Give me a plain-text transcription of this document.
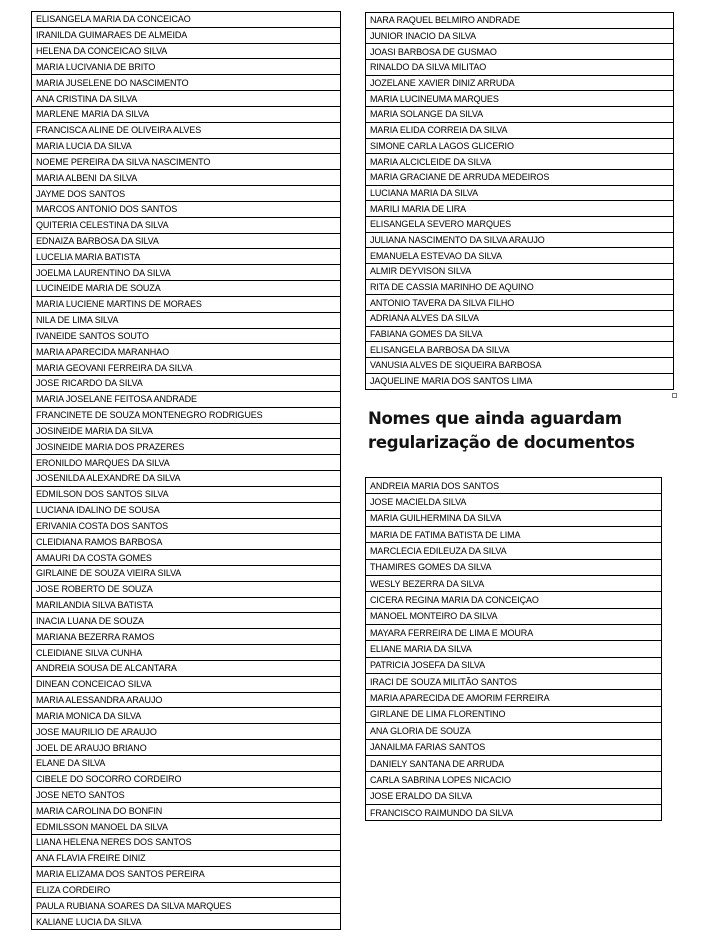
ELISANGELA MARIA DA CONCEICAO
IRANILDA GUIMARAES DE ALMEIDA
HELENA DA CONCEICAO SILVA
MARIA LUCIVANIA DE BRITO
MARIA JUSELENE DO NASCIMENTO
ANA CRISTINA DA SILVA
MARLENE MARIA DA SILVA
FRANCISCA ALINE DE OLIVEIRA ALVES
MARIA LUCIA DA SILVA
NOEME PEREIRA DA SILVA NASCIMENTO
MARIA ALBENI DA SILVA
JAYME DOS SANTOS
MARCOS ANTONIO DOS SANTOS
QUITERIA CELESTINA DA SILVA
EDNAIZA BARBOSA DA SILVA
LUCELIA MARIA BATISTA
JOELMA LAURENTINO DA SILVA
LUCINEIDE MARIA DE SOUZA
MARIA LUCIENE MARTINS DE MORAES
NILA DE LIMA SILVA
IVANEIDE SANTOS SOUTO
MARIA APARECIDA MARANHAO
MARIA GEOVANI FERREIRA DA SILVA
JOSE RICARDO DA SILVA
MARIA JOSELANE FEITOSA ANDRADE
FRANCINETE DE SOUZA MONTENEGRO RODRIGUES
JOSINEIDE MARIA DA SILVA
JOSINEIDE MARIA DOS PRAZERES
ERONILDO MARQUES DA SILVA
JOSENILDA ALEXANDRE DA SILVA
EDMILSON DOS SANTOS SILVA
LUCIANA IDALINO DE SOUSA
ERIVANIA COSTA DOS SANTOS
CLEIDIANA RAMOS BARBOSA
AMAURI DA COSTA GOMES
GIRLAINE DE SOUZA VIEIRA SILVA
JOSE ROBERTO DE SOUZA
MARILANDIA SILVA BATISTA
INACIA LUANA DE SOUZA
MARIANA BEZERRA RAMOS
CLEIDIANE SILVA CUNHA
ANDREIA SOUSA DE ALCANTARA
DINEAN CONCEICAO SILVA
MARIA ALESSANDRA ARAUJO
MARIA MONICA DA SILVA
JOSE MAURILIO DE ARAUJO
JOEL DE ARAUJO BRIANO
ELANE DA SILVA
CIBELE DO SOCORRO CORDEIRO
JOSE NETO SANTOS
MARIA CAROLINA DO BONFIN
EDMILSSON MANOEL DA SILVA
LIANA HELENA NERES DOS SANTOS
ANA FLAVIA FREIRE DINIZ
MARIA ELIZAMA DOS SANTOS PEREIRA
ELIZA CORDEIRO
PAULA RUBIANA SOARES DA SILVA MARQUES
KALIANE LUCIA DA SILVA
NARA RAQUEL BELMIRO ANDRADE
JUNIOR INACIO DA SILVA
JOASI BARBOSA DE GUSMAO
RINALDO DA SILVA MILITAO
JOZELANE XAVIER DINIZ ARRUDA
MARIA LUCINEUMA MARQUES
MARIA SOLANGE DA SILVA
MARIA ELIDA CORREIA DA SILVA
SIMONE CARLA LAGOS GLICERIO
MARIA ALCICLEIDE DA SILVA
MARIA GRACIANE DE ARRUDA MEDEIROS
LUCIANA MARIA DA SILVA
MARILI MARIA DE LIRA
ELISANGELA SEVERO MARQUES
JULIANA NASCIMENTO DA SILVA ARAUJO
EMANUELA ESTEVAO DA SILVA
ALMIR DEYVISON SILVA
RITA DE CASSIA MARINHO DE AQUINO
ANTONIO TAVERA DA SILVA FILHO
ADRIANA ALVES DA SILVA
FABIANA GOMES DA SILVA
ELISANGELA BARBOSA DA SILVA
VANUSIA ALVES DE SIQUEIRA BARBOSA
JAQUELINE MARIA DOS SANTOS LIMA
Nomes que ainda aguardam
regularização de documentos
ANDREIA MARIA DOS SANTOS
JOSE MACIELDA SILVA
MARIA GUILHERMINA DA SILVA
MARIA DE FATIMA BATISTA DE LIMA
MARCLECIA EDILEUZA DA SILVA
THAMIRES GOMES DA SILVA
WESLY BEZERRA DA SILVA
CICERA REGINA MARIA DA CONCEIÇAO
MANOEL MONTEIRO DA SILVA
MAYARA FERREIRA DE LIMA E MOURA
ELIANE MARIA DA SILVA
PATRICIA JOSEFA DA SILVA
IRACI DE SOUZA MILITÃO SANTOS
MARIA APARECIDA DE AMORIM FERREIRA
GIRLANE DE LIMA FLORENTINO
ANA GLORIA DE SOUZA
JANAILMA FARIAS SANTOS
DANIELY SANTANA DE ARRUDA
CARLA SABRINA LOPES NICACIO
JOSE ERALDO DA SILVA
FRANCISCO RAIMUNDO DA SILVA
